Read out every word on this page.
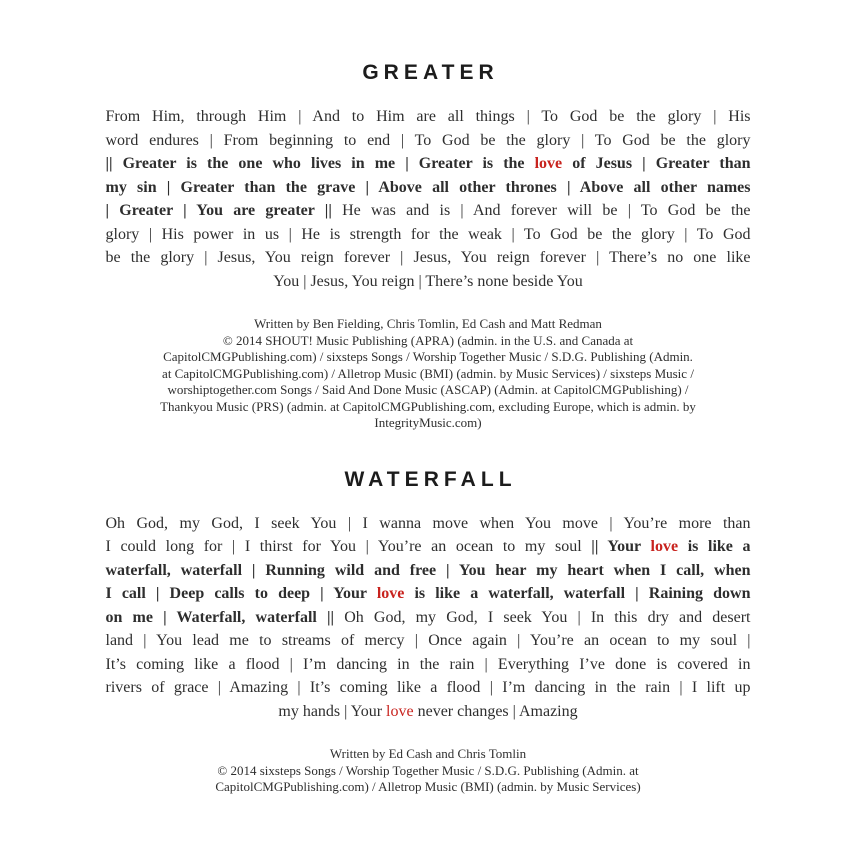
GREATER

From Him, through Him | And to Him are all things | To God be the glory | His

word endures | From beginning to end | To God be the glory | To God be the glory

|| Greater is the one who lives in me | Greater is the love of Jesus | Greater than

my sin | Greater than the grave | Above all other thrones | Above all other names

| Greater | You are greater || He was and is | And forever will be | To God be the

glory | His power in us | He is strength for the weak | To God be the glory | To God

be the glory | Jesus, You reign forever | Jesus, You reign forever | There’s no one like

You | Jesus, You reign | There’s none beside You

Written by Ben Fielding, Chris Tomlin, Ed Cash and Matt Redman

© 2014 SHOUT! Music Publishing (APRA) (admin. in the U.S. and Canada at

CapitolCMGPublishing.com) / sixsteps Songs / Worship Together Music / S.D.G. Publishing (Admin.

at CapitolCMGPublishing.com) / Alletrop Music (BMI) (admin. by Music Services) / sixsteps Music /

worshiptogether.com Songs / Said And Done Music (ASCAP) (Admin. at CapitolCMGPublishing) /

Thankyou Music (PRS) (admin. at CapitolCMGPublishing.com, excluding Europe, which is admin. by

IntegrityMusic.com)

WATERFALL

Oh God, my God, I seek You | I wanna move when You move | You’re more than

I could long for | I thirst for You | You’re an ocean to my soul || Your love is like a

waterfall, waterfall | Running wild and free | You hear my heart when I call, when

I call | Deep calls to deep | Your love is like a waterfall, waterfall | Raining down

on me | Waterfall, waterfall || Oh God, my God, I seek You | In this dry and desert

land | You lead me to streams of mercy | Once again | You’re an ocean to my soul |

It’s coming like a flood | I’m dancing in the rain | Everything I’ve done is covered in

rivers of grace | Amazing | It’s coming like a flood | I’m dancing in the rain | I lift up

my hands | Your love never changes | Amazing

Written by Ed Cash and Chris Tomlin

© 2014 sixsteps Songs / Worship Together Music / S.D.G. Publishing (Admin. at

CapitolCMGPublishing.com) / Alletrop Music (BMI) (admin. by Music Services)
